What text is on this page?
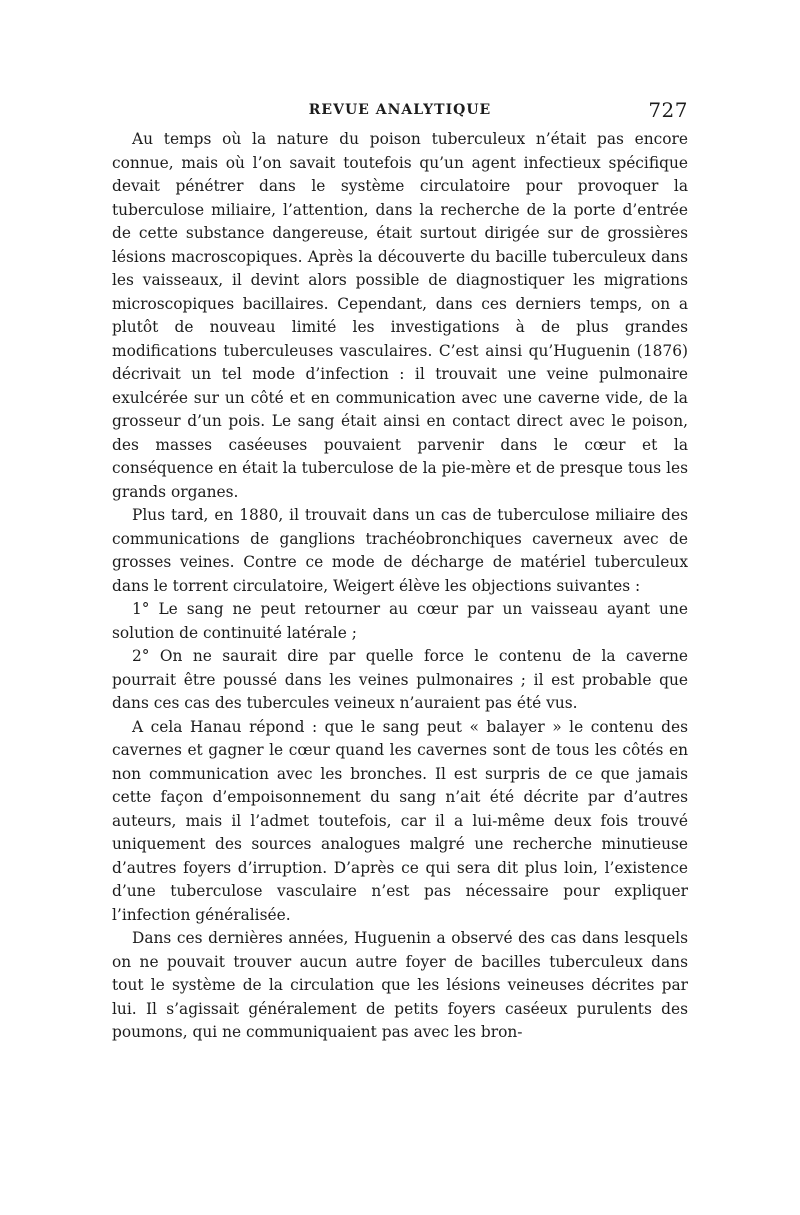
REVUE ANALYTIQUE	727

Au temps où la nature du poison tuberculeux n’était pas encore connue, mais où l’on savait toutefois qu’un agent infectieux spécifique devait pénétrer dans le système circulatoire pour provoquer la tuberculose miliaire, l’attention, dans la recherche de la porte d’entrée de cette substance dangereuse, était surtout dirigée sur de grossières lésions macroscopiques. Après la découverte du bacille tuberculeux dans les vaisseaux, il devint alors possible de diagnostiquer les migrations microscopiques bacillaires. Cependant, dans ces derniers temps, on a plutôt de nouveau limité les investigations à de plus grandes modifications tuberculeuses vasculaires. C’est ainsi qu’Huguenin (1876) décrivait un tel mode d’infection : il trouvait une veine pulmonaire exulcérée sur un côté et en communication avec une caverne vide, de la grosseur d’un pois. Le sang était ainsi en contact direct avec le poison, des masses caséeuses pouvaient parvenir dans le cœur et la conséquence en était la tuberculose de la pie-mère et de presque tous les grands organes.

Plus tard, en 1880, il trouvait dans un cas de tuberculose miliaire des communications de ganglions trachéobronchiques caverneux avec de grosses veines. Contre ce mode de décharge de matériel tuberculeux dans le torrent circulatoire, Weigert élève les objections suivantes :

1° Le sang ne peut retourner au cœur par un vaisseau ayant une solution de continuité latérale ;

2° On ne saurait dire par quelle force le contenu de la caverne pourrait être poussé dans les veines pulmonaires ; il est probable que dans ces cas des tubercules veineux n’auraient pas été vus.

A cela Hanau répond : que le sang peut « balayer » le contenu des cavernes et gagner le cœur quand les cavernes sont de tous les côtés en non communication avec les bronches. Il est surpris de ce que jamais cette façon d’empoisonnement du sang n’ait été décrite par d’autres auteurs, mais il l’admet toutefois, car il a lui-même deux fois trouvé uniquement des sources analogues malgré une recherche minutieuse d’autres foyers d’irruption. D’après ce qui sera dit plus loin, l’existence d’une tuberculose vasculaire n’est pas nécessaire pour expliquer l’infection généralisée.

Dans ces dernières années, Huguenin a observé des cas dans lesquels on ne pouvait trouver aucun autre foyer de bacilles tuberculeux dans tout le système de la circulation que les lésions veineuses décrites par lui. Il s’agissait généralement de petits foyers caséeux purulents des poumons, qui ne communiquaient pas avec les bron-
